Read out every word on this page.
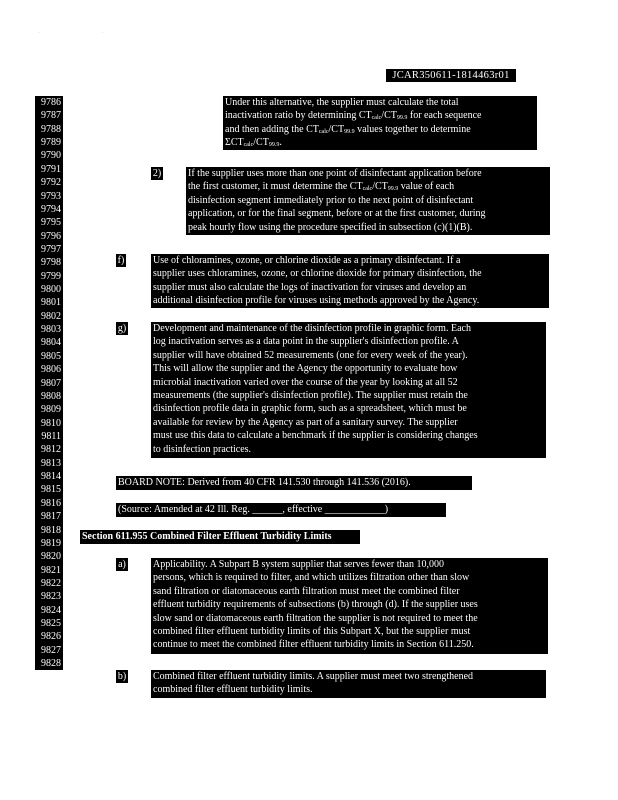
· ·
JCAR350611-1814463r01
9786
9787
9788
9789
9790
9791
9792
9793
9794
9795
9796
9797
9798
9799
9800
9801
9802
9803
9804
9805
9806
9807
9808
9809
9810
9811
9812
9813
9814
9815
9816
9817
9818
9819
9820
9821
9822
9823
9824
9825
9826
9827
9828

Under this alternative, the supplier must calculate the total

inactivation ratio by determining $CT_{calc}/CT_{99.9}$ for each sequence

and then adding the $CT_{calc}/CT_{99.9}$ values together to determine

$\Sigma CT_{calc}/CT_{99.9}$.

2)	If the supplier uses more than one point of disinfectant application before

the first customer, it must determine the $CT_{calc}/CT_{99.9}$ value of each

disinfection segment immediately prior to the next point of disinfectant

application, or for the final segment, before or at the first customer, during

peak hourly flow using the procedure specified in subsection (c)(1)(B).

f)	Use of chloramines, ozone, or chlorine dioxide as a primary disinfectant. If a

supplier uses chloramines, ozone, or chlorine dioxide for primary disinfection, the

supplier must also calculate the logs of inactivation for viruses and develop an

additional disinfection profile for viruses using methods approved by the Agency.

g)	Development and maintenance of the disinfection profile in graphic form. Each

log inactivation serves as a data point in the supplier's disinfection profile. A

supplier will have obtained 52 measurements (one for every week of the year).

This will allow the supplier and the Agency the opportunity to evaluate how

microbial inactivation varied over the course of the year by looking at all 52

measurements (the supplier's disinfection profile). The supplier must retain the

disinfection profile data in graphic form, such as a spreadsheet, which must be

available for review by the Agency as part of a sanitary survey. The supplier

must use this data to calculate a benchmark if the supplier is considering changes

to disinfection practices.

BOARD NOTE: Derived from 40 CFR 141.530 through 141.536 (2016).

(Source: Amended at 42 Ill. Reg. ______, effective ____________)

Section 611.955 Combined Filter Effluent Turbidity Limits

a)	Applicability. A Subpart B system supplier that serves fewer than 10,000

persons, which is required to filter, and which utilizes filtration other than slow

sand filtration or diatomaceous earth filtration must meet the combined filter

effluent turbidity requirements of subsections (b) through (d). If the supplier uses

slow sand or diatomaceous earth filtration the supplier is not required to meet the

combined filter effluent turbidity limits of this Subpart X, but the supplier must

continue to meet the combined filter effluent turbidity limits in Section 611.250.

b)	Combined filter effluent turbidity limits. A supplier must meet two strengthened

combined filter effluent turbidity limits.
